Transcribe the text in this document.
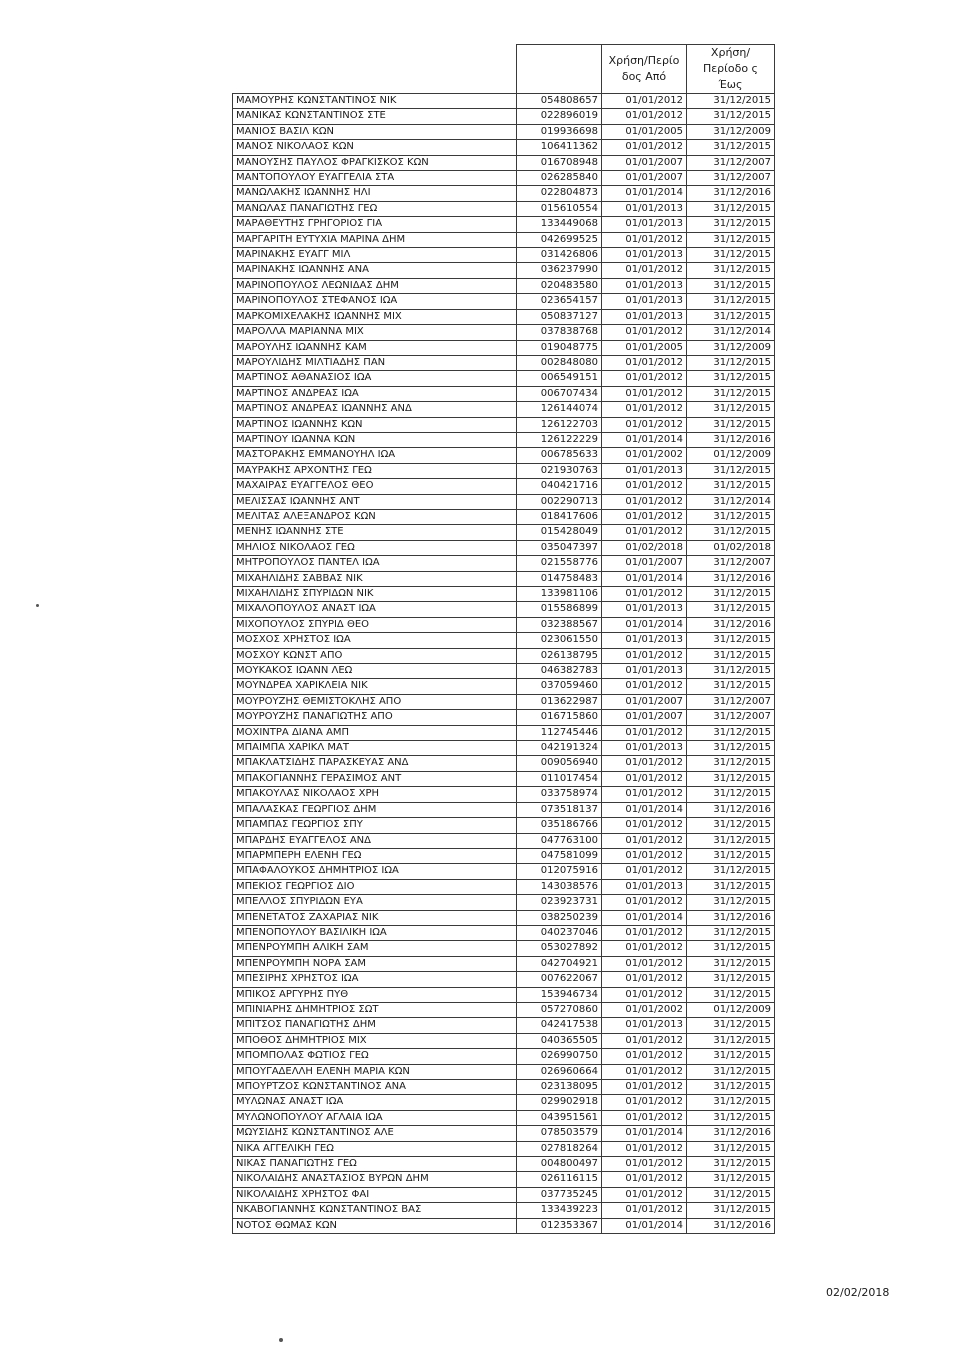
		Χρήση/Περίο δος Από	Χρήση/Περίοδο ς Έως
ΜΑΜΟΥΡΗΣ ΚΩΝΣΤΑΝΤΙΝΟΣ ΝΙΚ	054808657	01/01/2012	31/12/2015
ΜΑΝΙΚΑΣ ΚΩΝΣΤΑΝΤΙΝΟΣ ΣΤΕ	022896019	01/01/2012	31/12/2015
ΜΑΝΙΟΣ ΒΑΣΙΛ ΚΩΝ	019936698	01/01/2005	31/12/2009
ΜΑΝΟΣ ΝΙΚΟΛΑΟΣ ΚΩΝ	106411362	01/01/2012	31/12/2015
ΜΑΝΟΥΣΗΣ ΠΑΥΛΟΣ ΦΡΑΓΚΙΣΚΟΣ ΚΩΝ	016708948	01/01/2007	31/12/2007
ΜΑΝΤΟΠΟΥΛΟΥ ΕΥΑΓΓΕΛΙΑ ΣΤΑ	026285840	01/01/2007	31/12/2007
ΜΑΝΩΛΑΚΗΣ ΙΩΑΝΝΗΣ ΗΛΙ	022804873	01/01/2014	31/12/2016
ΜΑΝΩΛΑΣ ΠΑΝΑΓΙΩΤΗΣ ΓΕΩ	015610554	01/01/2013	31/12/2015
ΜΑΡΑΘΕΥΤΗΣ ΓΡΗΓΟΡΙΟΣ ΓΙΑ	133449068	01/01/2013	31/12/2015
ΜΑΡΓΑΡΙΤΗ ΕΥΤΥΧΙΑ ΜΑΡΙΝΑ ΔΗΜ	042699525	01/01/2012	31/12/2015
ΜΑΡΙΝΑΚΗΣ ΕΥΑΓΓ ΜΙΛ	031426806	01/01/2013	31/12/2015
ΜΑΡΙΝΑΚΗΣ ΙΩΑΝΝΗΣ ΑΝΑ	036237990	01/01/2012	31/12/2015
ΜΑΡΙΝΟΠΟΥΛΟΣ ΛΕΩΝΙΔΑΣ ΔΗΜ	020483580	01/01/2013	31/12/2015
ΜΑΡΙΝΟΠΟΥΛΟΣ ΣΤΕΦΑΝΟΣ ΙΩΑ	023654157	01/01/2013	31/12/2015
ΜΑΡΚΟΜΙΧΕΛΑΚΗΣ ΙΩΑΝΝΗΣ ΜΙΧ	050837127	01/01/2013	31/12/2015
ΜΑΡΟΛΛΑ ΜΑΡΙΑΝΝΑ ΜΙΧ	037838768	01/01/2012	31/12/2014
ΜΑΡΟΥΛΗΣ ΙΩΑΝΝΗΣ ΚΑΜ	019048775	01/01/2005	31/12/2009
ΜΑΡΟΥΛΙΔΗΣ ΜΙΛΤΙΑΔΗΣ ΠΑΝ	002848080	01/01/2012	31/12/2015
ΜΑΡΤΙΝΟΣ ΑΘΑΝΑΣΙΟΣ ΙΩΑ	006549151	01/01/2012	31/12/2015
ΜΑΡΤΙΝΟΣ ΑΝΔΡΕΑΣ ΙΩΑ	006707434	01/01/2012	31/12/2015
ΜΑΡΤΙΝΟΣ ΑΝΔΡΕΑΣ ΙΩΑΝΝΗΣ ΑΝΔ	126144074	01/01/2012	31/12/2015
ΜΑΡΤΙΝΟΣ ΙΩΑΝΝΗΣ ΚΩΝ	126122703	01/01/2012	31/12/2015
ΜΑΡΤΙΝΟΥ ΙΩΑΝΝΑ ΚΩΝ	126122229	01/01/2014	31/12/2016
ΜΑΣΤΟΡΑΚΗΣ ΕΜΜΑΝΟΥΗΛ ΙΩΑ	006785633	01/01/2002	01/12/2009
ΜΑΥΡΑΚΗΣ ΑΡΧΟΝΤΗΣ ΓΕΩ	021930763	01/01/2013	31/12/2015
ΜΑΧΑΙΡΑΣ ΕΥΑΓΓΕΛΟΣ ΘΕΟ	040421716	01/01/2012	31/12/2015
ΜΕΛΙΣΣΑΣ ΙΩΑΝΝΗΣ ΑΝΤ	002290713	01/01/2012	31/12/2014
ΜΕΛΙΤΑΣ ΑΛΕΞΑΝΔΡΟΣ ΚΩΝ	018417606	01/01/2012	31/12/2015
ΜΕΝΗΣ ΙΩΑΝΝΗΣ ΣΤΕ	015428049	01/01/2012	31/12/2015
ΜΗΛΙΟΣ ΝΙΚΟΛΑΟΣ ΓΕΩ	035047397	01/02/2018	01/02/2018
ΜΗΤΡΟΠΟΥΛΟΣ ΠΑΝΤΕΛ ΙΩΑ	021558776	01/01/2007	31/12/2007
ΜΙΧΑΗΛΙΔΗΣ ΣΑΒΒΑΣ ΝΙΚ	014758483	01/01/2014	31/12/2016
ΜΙΧΑΗΛΙΔΗΣ ΣΠΥΡΙΔΩΝ ΝΙΚ	133981106	01/01/2012	31/12/2015
ΜΙΧΑΛΟΠΟΥΛΟΣ ΑΝΑΣΤ ΙΩΑ	015586899	01/01/2013	31/12/2015
ΜΙΧΟΠΟΥΛΟΣ ΣΠΥΡΙΔ ΘΕΟ	032388567	01/01/2014	31/12/2016
ΜΟΣΧΟΣ ΧΡΗΣΤΟΣ ΙΩΑ	023061550	01/01/2013	31/12/2015
ΜΟΣΧΟΥ ΚΩΝΣΤ ΑΠΟ	026138795	01/01/2012	31/12/2015
ΜΟΥΚΑΚΟΣ ΙΩΑΝΝ ΛΕΩ	046382783	01/01/2013	31/12/2015
ΜΟΥΝΔΡΕΑ ΧΑΡΙΚΛΕΙΑ ΝΙΚ	037059460	01/01/2012	31/12/2015
ΜΟΥΡΟΥΖΗΣ ΘΕΜΙΣΤΟΚΛΗΣ ΑΠΟ	013622987	01/01/2007	31/12/2007
ΜΟΥΡΟΥΖΗΣ ΠΑΝΑΓΙΩΤΗΣ ΑΠΟ	016715860	01/01/2007	31/12/2007
ΜΟΧΙΝΤΡΑ ΔΙΑΝΑ ΑΜΠ	112745446	01/01/2012	31/12/2015
ΜΠΑΙΜΠΑ ΧΑΡΙΚΛ ΜΑΤ	042191324	01/01/2013	31/12/2015
ΜΠΑΚΛΑΤΣΙΔΗΣ ΠΑΡΑΣΚΕΥΑΣ ΑΝΔ	009056940	01/01/2012	31/12/2015
ΜΠΑΚΟΓΙΑΝΝΗΣ ΓΕΡΑΣΙΜΟΣ ΑΝΤ	011017454	01/01/2012	31/12/2015
ΜΠΑΚΟΥΛΑΣ ΝΙΚΟΛΑΟΣ ΧΡΗ	033758974	01/01/2012	31/12/2015
ΜΠΑΛΑΣΚΑΣ ΓΕΩΡΓΙΟΣ ΔΗΜ	073518137	01/01/2014	31/12/2016
ΜΠΑΜΠΑΣ ΓΕΩΡΓΙΟΣ ΣΠΥ	035186766	01/01/2012	31/12/2015
ΜΠΑΡΔΗΣ ΕΥΑΓΓΕΛΟΣ ΑΝΔ	047763100	01/01/2012	31/12/2015
ΜΠΑΡΜΠΕΡΗ ΕΛΕΝΗ ΓΕΩ	047581099	01/01/2012	31/12/2015
ΜΠΑΦΑΛΟΥΚΟΣ ΔΗΜΗΤΡΙΟΣ ΙΩΑ	012075916	01/01/2012	31/12/2015
ΜΠΕΚΙΟΣ ΓΕΩΡΓΙΟΣ ΔΙΟ	143038576	01/01/2013	31/12/2015
ΜΠΕΛΛΟΣ ΣΠΥΡΙΔΩΝ ΕΥΑ	023923731	01/01/2012	31/12/2015
ΜΠΕΝΕΤΑΤΟΣ ΖΑΧΑΡΙΑΣ ΝΙΚ	038250239	01/01/2014	31/12/2016
ΜΠΕΝΟΠΟΥΛΟΥ ΒΑΣΙΛΙΚΗ ΙΩΑ	040237046	01/01/2012	31/12/2015
ΜΠΕΝΡΟΥΜΠΗ ΑΛΙΚΗ ΣΑΜ	053027892	01/01/2012	31/12/2015
ΜΠΕΝΡΟΥΜΠΗ ΝΟΡΑ ΣΑΜ	042704921	01/01/2012	31/12/2015
ΜΠΕΣΙΡΗΣ ΧΡΗΣΤΟΣ ΙΩΑ	007622067	01/01/2012	31/12/2015
ΜΠΙΚΟΣ ΑΡΓΥΡΗΣ ΠΥΘ	153946734	01/01/2012	31/12/2015
ΜΠΙΝΙΑΡΗΣ ΔΗΜΗΤΡΙΟΣ ΣΩΤ	057270860	01/01/2002	01/12/2009
ΜΠΙΤΣΟΣ ΠΑΝΑΓΙΩΤΗΣ ΔΗΜ	042417538	01/01/2013	31/12/2015
ΜΠΟΘΟΣ ΔΗΜΗΤΡΙΟΣ ΜΙΧ	040365505	01/01/2012	31/12/2015
ΜΠΟΜΠΟΛΑΣ ΦΩΤΙΟΣ ΓΕΩ	026990750	01/01/2012	31/12/2015
ΜΠΟΥΓΑΔΕΛΛΗ ΕΛΕΝΗ ΜΑΡΙΑ ΚΩΝ	026960664	01/01/2012	31/12/2015
ΜΠΟΥΡΤΖΟΣ ΚΩΝΣΤΑΝΤΙΝΟΣ ΑΝΑ	023138095	01/01/2012	31/12/2015
ΜΥΛΩΝΑΣ ΑΝΑΣΤ ΙΩΑ	029902918	01/01/2012	31/12/2015
ΜΥΛΩΝΟΠΟΥΛΟΥ ΑΓΛΑΙΑ ΙΩΑ	043951561	01/01/2012	31/12/2015
ΜΩΥΣΙΔΗΣ ΚΩΝΣΤΑΝΤΙΝΟΣ ΑΛΕ	078503579	01/01/2014	31/12/2016
ΝΙΚΑ ΑΓΓΕΛΙΚΗ ΓΕΩ	027818264	01/01/2012	31/12/2015
ΝΙΚΑΣ ΠΑΝΑΓΙΩΤΗΣ ΓΕΩ	004800497	01/01/2012	31/12/2015
ΝΙΚΟΛΑΙΔΗΣ ΑΝΑΣΤΑΣΙΟΣ ΒΥΡΩΝ ΔΗΜ	026116115	01/01/2012	31/12/2015
ΝΙΚΟΛΑΙΔΗΣ ΧΡΗΣΤΟΣ ΦΑΙ	037735245	01/01/2012	31/12/2015
ΝΚΑΒΟΓΙΑΝΝΗΣ ΚΩΝΣΤΑΝΤΙΝΟΣ ΒΑΣ	133439223	01/01/2012	31/12/2015
ΝΟΤΟΣ ΘΩΜΑΣ ΚΩΝ	012353367	01/01/2014	31/12/2016
02/02/2018
